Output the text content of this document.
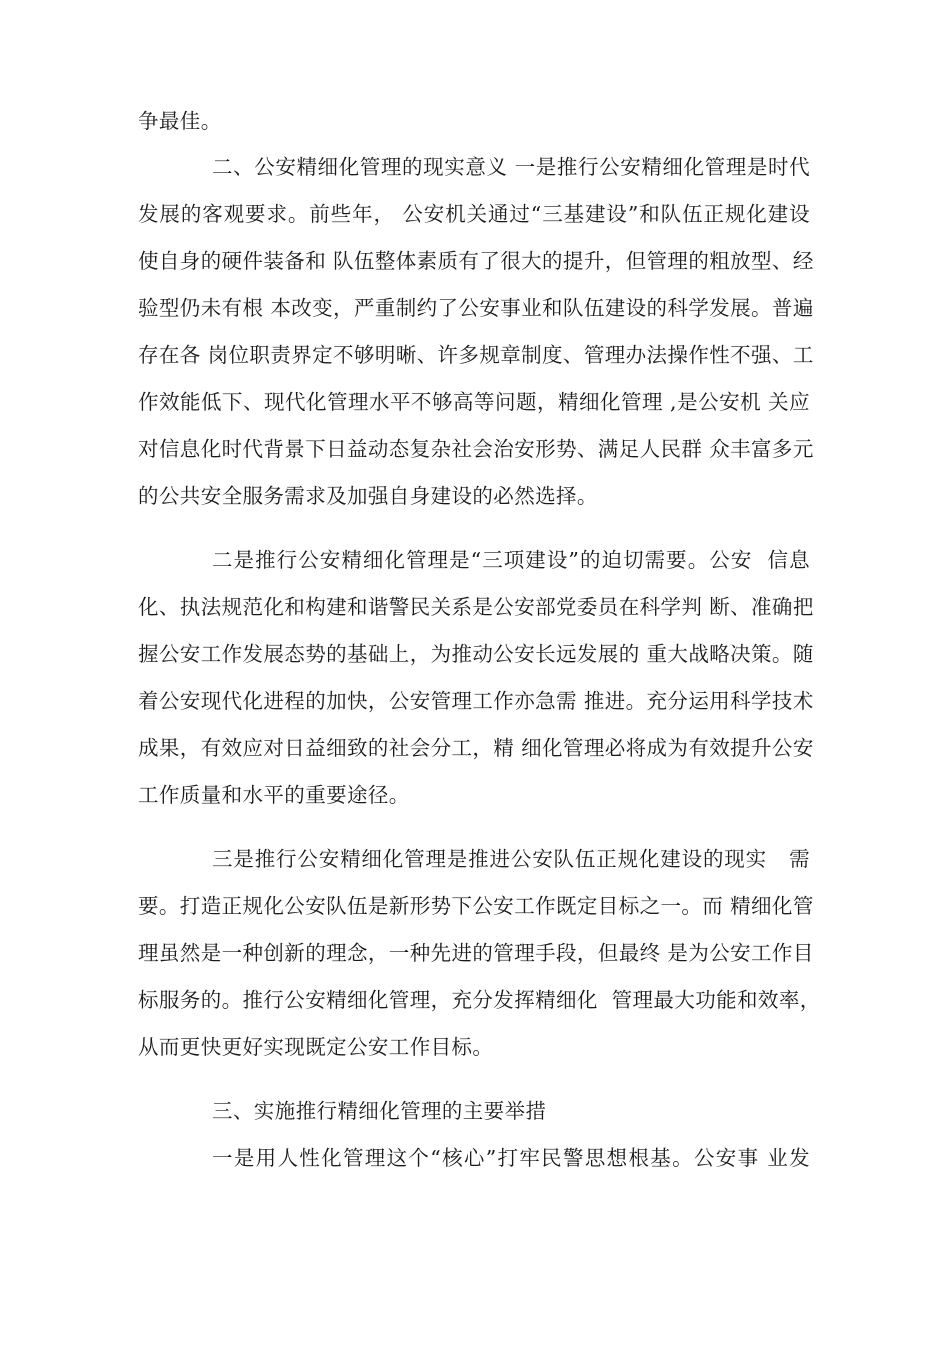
争最佳。
二、公安精细化管理的现实意义 一是推行公安精细化管理是时代
发展的客观要求。前些年， 公安机关通过“三基建设”和队伍正规化建设
使自身的硬件装备和 队伍整体素质有了很大的提升，但管理的粗放型、经
验型仍未有根 本改变，严重制约了公安事业和队伍建设的科学发展。普遍
存在各 岗位职责界定不够明晰、许多规章制度、管理办法操作性不强、工
作效能低下、现代化管理水平不够高等问题，精细化管理 ,是公安机 关应
对信息化时代背景下日益动态复杂社会治安形势、满足人民群 众丰富多元
的公共安全服务需求及加强自身建设的必然选择。
二是推行公安精细化管理是“三项建设”的迫切需要。公安  信息
化、执法规范化和构建和谐警民关系是公安部党委员在科学判 断、准确把
握公安工作发展态势的基础上，为推动公安长远发展的 重大战略决策。随
着公安现代化进程的加快，公安管理工作亦急需 推进。充分运用科学技术
成果，有效应对日益细致的社会分工，精 细化管理必将成为有效提升公安
工作质量和水平的重要途径。
三是推行公安精细化管理是推进公安队伍正规化建设的现实   需
要。打造正规化公安队伍是新形势下公安工作既定目标之一。而 精细化管
理虽然是一种创新的理念，一种先进的管理手段，但最终 是为公安工作目
标服务的。推行公安精细化管理，充分发挥精细化  管理最大功能和效率，
从而更快更好实现既定公安工作目标。
三、实施推行精细化管理的主要举措
一是用人性化管理这个“核心”打牢民警思想根基。公安事 业发
